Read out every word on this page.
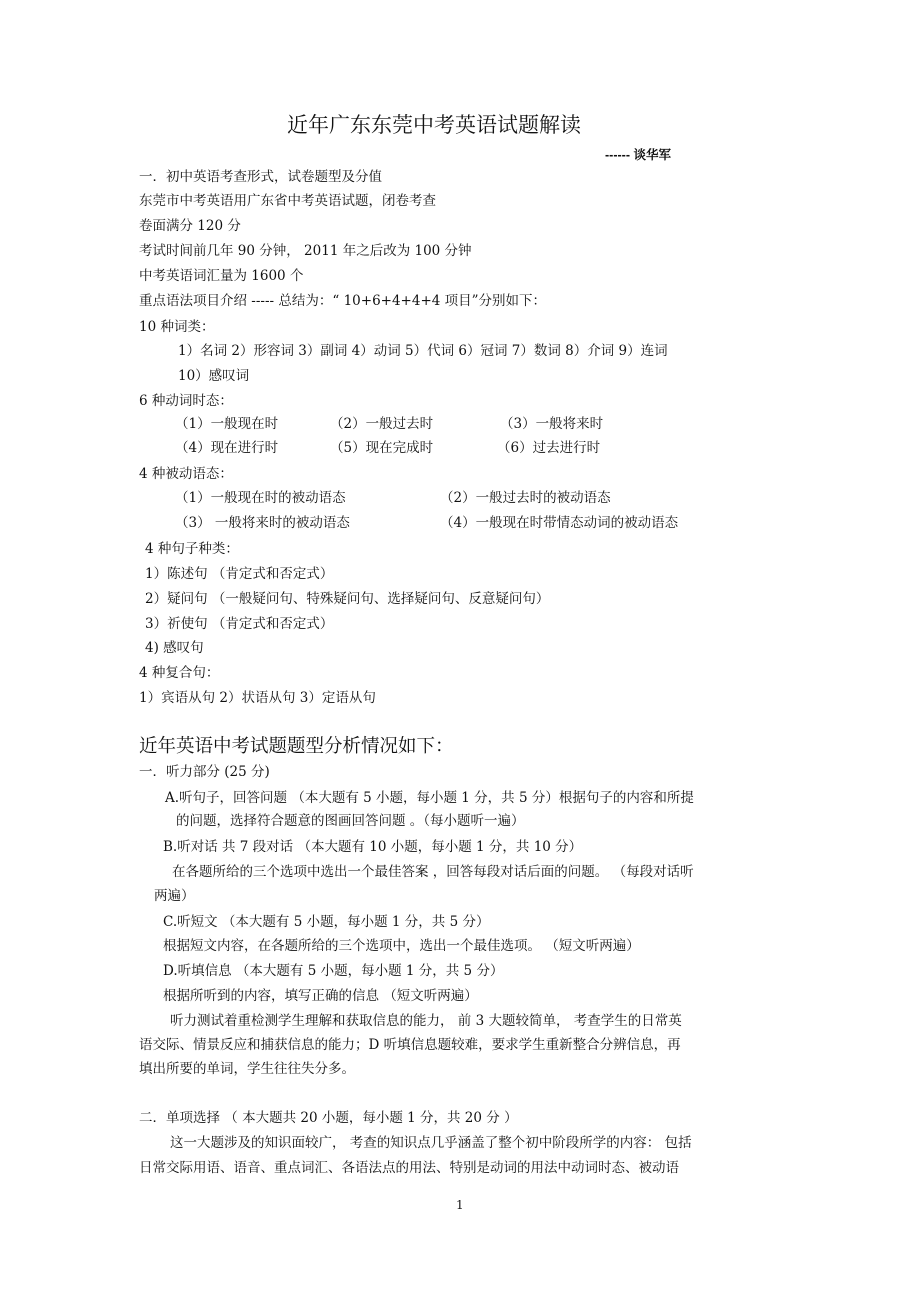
近年广东东莞中考英语试题解读
------ 谈华军
一．初中英语考查形式，试卷题型及分值
东莞市中考英语用广东省中考英语试题，闭卷考查
卷面满分 120 分
考试时间前几年 90 分钟， 2011 年之后改为 100 分钟
中考英语词汇量为 1600 个
重点语法项目介绍 ----- 总结为：“ 10+6+4+4+4 项目”分别如下：
10 种词类：
1）名词 2）形容词 3）副词 4）动词 5）代词 6）冠词 7）数词 8）介词 9）连词
10）感叹词
6 种动词时态：
（1）一般现在时	（2）一般过去时	（3）一般将来时
（4）现在进行时	（5）现在完成时	（6）过去进行时
4 种被动语态：
（1）一般现在时的被动语态	（2）一般过去时的被动语态
（3） 一般将来时的被动语态	（4）一般现在时带情态动词的被动语态
4 种句子种类：
1）陈述句 （肯定式和否定式）
2）疑问句 （一般疑问句、特殊疑问句、选择疑问句、反意疑问句）
3）祈使句 （肯定式和否定式）
4) 感叹句
4 种复合句：
1）宾语从句 2）状语从句 3）定语从句
近年英语中考试题题型分析情况如下：
一．听力部分 (25 分)
A.听句子，回答问题 （本大题有 5 小题，每小题 1 分，共 5 分）根据句子的内容和所提
的问题，选择符合题意的图画回答问题 。（每小题听一遍）
B.听对话 共 7 段对话 （本大题有 10 小题，每小题 1 分，共 10 分）
在各题所给的三个选项中选出一个最佳答案 ，回答每段对话后面的问题。 （每段对话听
两遍）
C.听短文 （本大题有 5 小题，每小题 1 分，共 5 分）
根据短文内容，在各题所给的三个选项中，选出一个最佳选项。 （短文听两遍）
D.听填信息 （本大题有 5 小题，每小题 1 分，共 5 分）
根据所听到的内容，填写正确的信息 （短文听两遍）
听力测试着重检测学生理解和获取信息的能力， 前 3 大题较简单， 考查学生的日常英
语交际、情景反应和捕获信息的能力；D 听填信息题较难，要求学生重新整合分辨信息，再
填出所要的单词，学生往往失分多。
二．单项选择 （ 本大题共 20 小题，每小题 1 分，共 20 分 ）
这一大题涉及的知识面较广， 考查的知识点几乎涵盖了整个初中阶段所学的内容： 包括
日常交际用语、语音、重点词汇、各语法点的用法、特别是动词的用法中动词时态、被动语
1
